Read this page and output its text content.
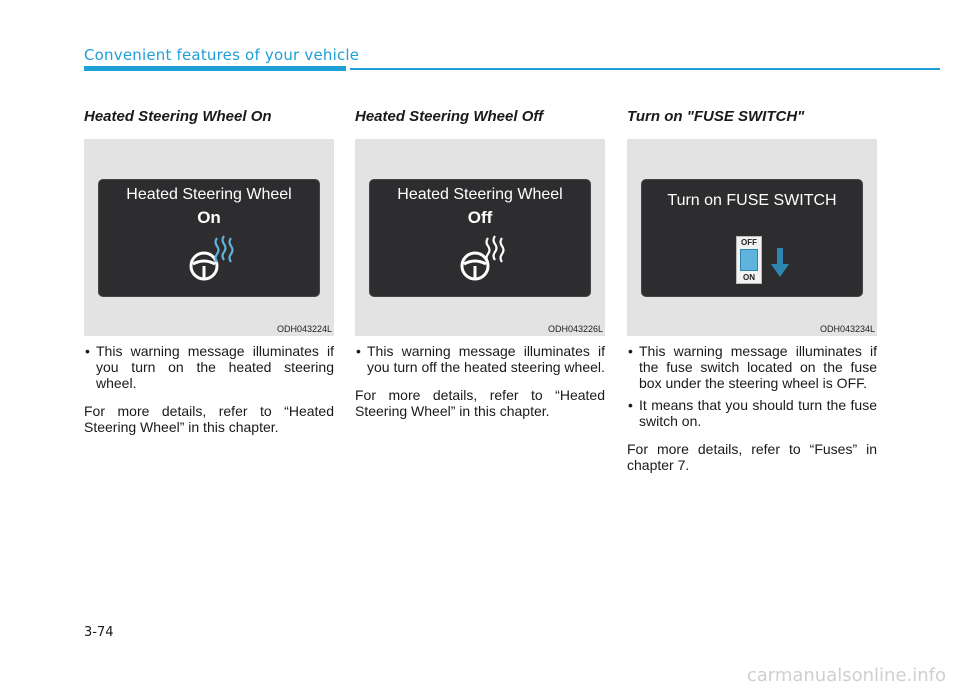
Convenient features of your vehicle
Heated Steering Wheel On
Heated Steering Wheel
On
ODH043224L
• This warning message illuminates if you turn on the heated steering wheel.

For more details, refer to “Heated Steering Wheel” in this chapter.

Heated Steering Wheel Off
Heated Steering Wheel
Off
ODH043226L
• This warning message illuminates if you turn off the heated steering wheel.

For more details, refer to “Heated Steering Wheel” in this chapter.

Turn on "FUSE SWITCH"
Turn on FUSE SWITCH
OFF
ON
ODH043234L
• This warning message illuminates if the fuse switch located on the fuse box under the steering wheel is OFF.
• It means that you should turn the fuse switch on.

For more details, refer to “Fuses” in chapter 7.

3-74
carmanualsonline.info
